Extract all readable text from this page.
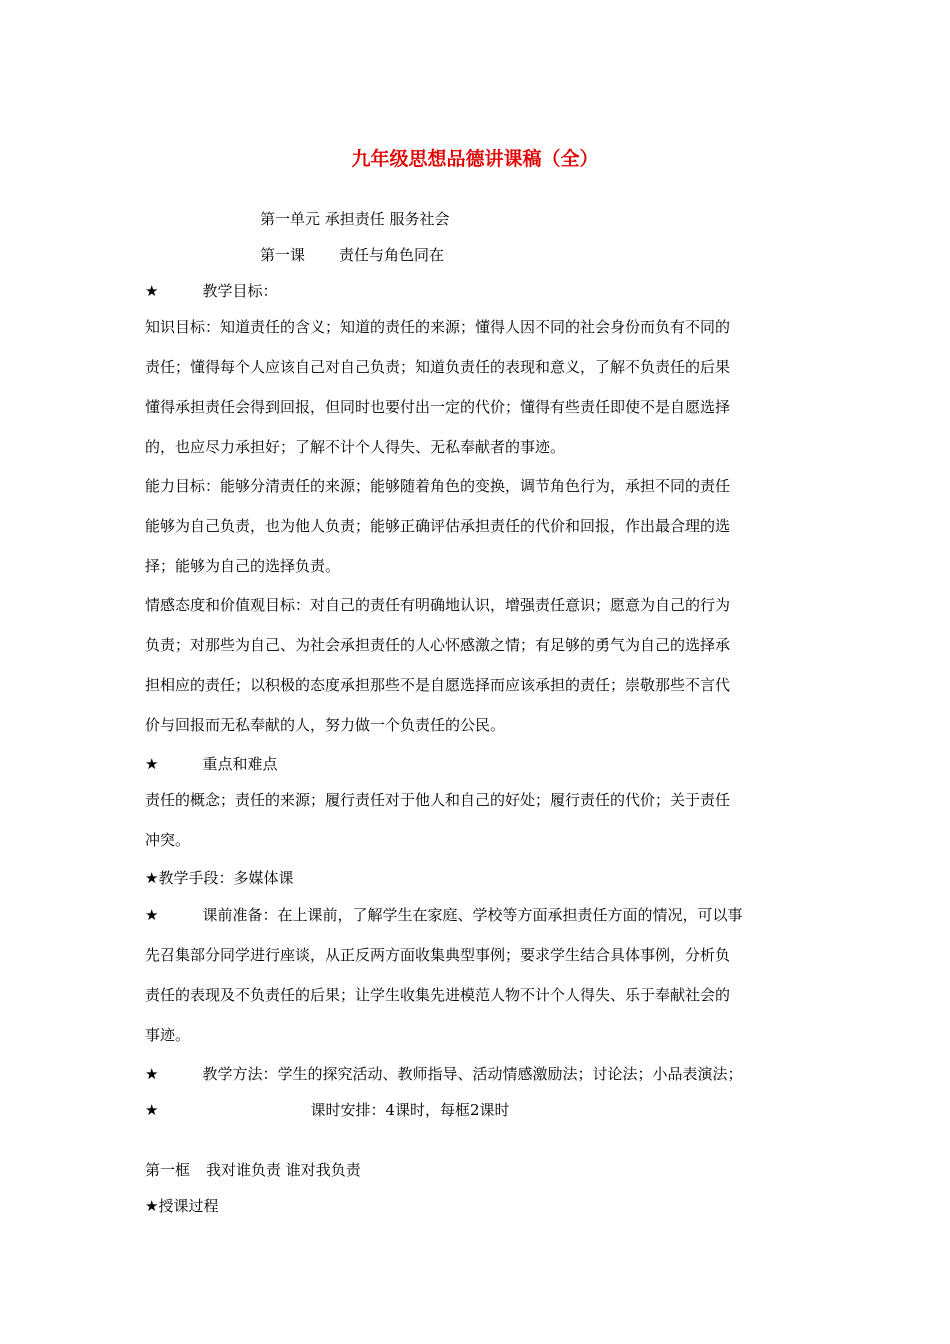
九年级思想品德讲课稿（全）
第一单元 承担责任 服务社会
第一课 责任与角色同在
★	教学目标：
知识目标：知道责任的含义；知道的责任的来源；懂得人因不同的社会身份而负有不同的
责任；懂得每个人应该自己对自己负责；知道负责任的表现和意义，了解不负责任的后果
懂得承担责任会得到回报，但同时也要付出一定的代价；懂得有些责任即使不是自愿选择
的，也应尽力承担好；了解不计个人得失、无私奉献者的事迹。
能力目标：能够分清责任的来源；能够随着角色的变换，调节角色行为，承担不同的责任
能够为自己负责，也为他人负责；能够正确评估承担责任的代价和回报，作出最合理的选
择；能够为自己的选择负责。
情感态度和价值观目标：对自己的责任有明确地认识，增强责任意识；愿意为自己的行为
负责；对那些为自己、为社会承担责任的人心怀感激之情；有足够的勇气为自己的选择承
担相应的责任；以积极的态度承担那些不是自愿选择而应该承担的责任；崇敬那些不言代
价与回报而无私奉献的人，努力做一个负责任的公民。
★	重点和难点
责任的概念；责任的来源；履行责任对于他人和自己的好处；履行责任的代价；关于责任
冲突。
★教学手段：多媒体课
★	课前准备：在上课前，了解学生在家庭、学校等方面承担责任方面的情况，可以事
先召集部分同学进行座谈，从正反两方面收集典型事例；要求学生结合具体事例，分析负
责任的表现及不负责任的后果；让学生收集先进模范人物不计个人得失、乐于奉献社会的
事迹。
★	教学方法：学生的探究活动、教师指导、活动情感激励法；讨论法；小品表演法；
★	课时安排：4课时，每框2课时
第一框 我对谁负责 谁对我负责
★授课过程
